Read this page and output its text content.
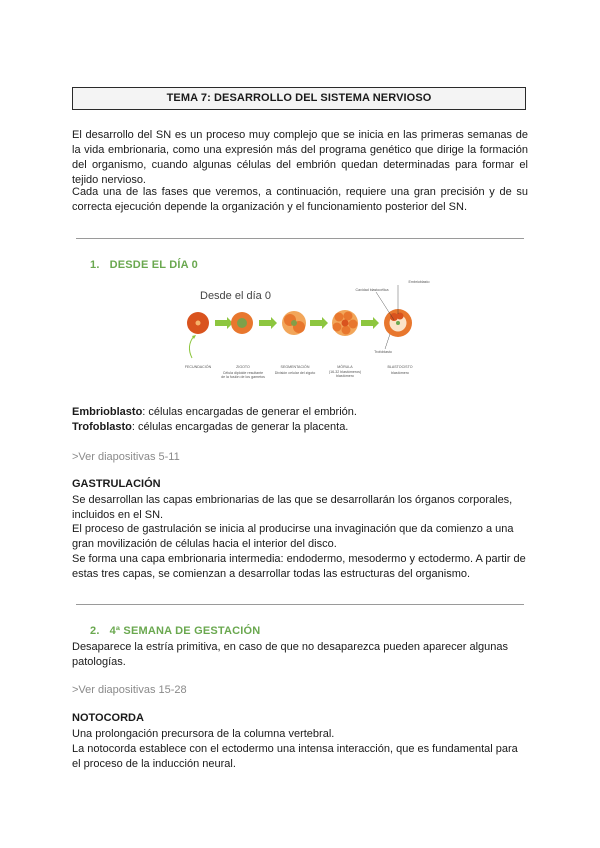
TEMA 7: DESARROLLO DEL SISTEMA NERVIOSO
El desarrollo del SN es un proceso muy complejo que se inicia en las primeras semanas de la vida embrionaria, como una expresión más del programa genético que dirige la formación del organismo, cuando algunas células del embrión quedan determinadas para formar el tejido nervioso.
Cada una de las fases que veremos, a continuación, requiere una gran precisión y de su correcta ejecución depende la organización y el funcionamiento posterior del SN.
1. DESDE EL DÍA 0
Desde el día 0
Embrioblasto
Cavidad blastocélica
Trofoblasto
FECUNDACIÓN	ZIGOTO
Célula diploide resultante
de la fusión de los gametos
SEGMENTACIÓN
División celular del zigoto
MÓRULA
(16-32 blastómeros)
blastómero
BLASTOCISTO
blastómero
Embrioblasto: células encargadas de generar el embrión.
Trofoblasto: células encargadas de generar la placenta.
>Ver diapositivas 5-11
GASTRULACIÓN
Se desarrollan las capas embrionarias de las que se desarrollarán los órganos corporales, incluidos en el SN.
El proceso de gastrulación se inicia al producirse una invaginación que da comienzo a una gran movilización de células hacia el interior del disco.
Se forma una capa embrionaria intermedia: endodermo, mesodermo y ectodermo. A partir de estas tres capas, se comienzan a desarrollar todas las estructuras del organismo.
2. 4ª SEMANA DE GESTACIÓN
Desaparece la estría primitiva, en caso de que no desaparezca pueden aparecer algunas patologías.
>Ver diapositivas 15-28
NOTOCORDA
Una prolongación precursora de la columna vertebral.
La notocorda establece con el ectodermo una intensa interacción, que es fundamental para el proceso de la inducción neural.
